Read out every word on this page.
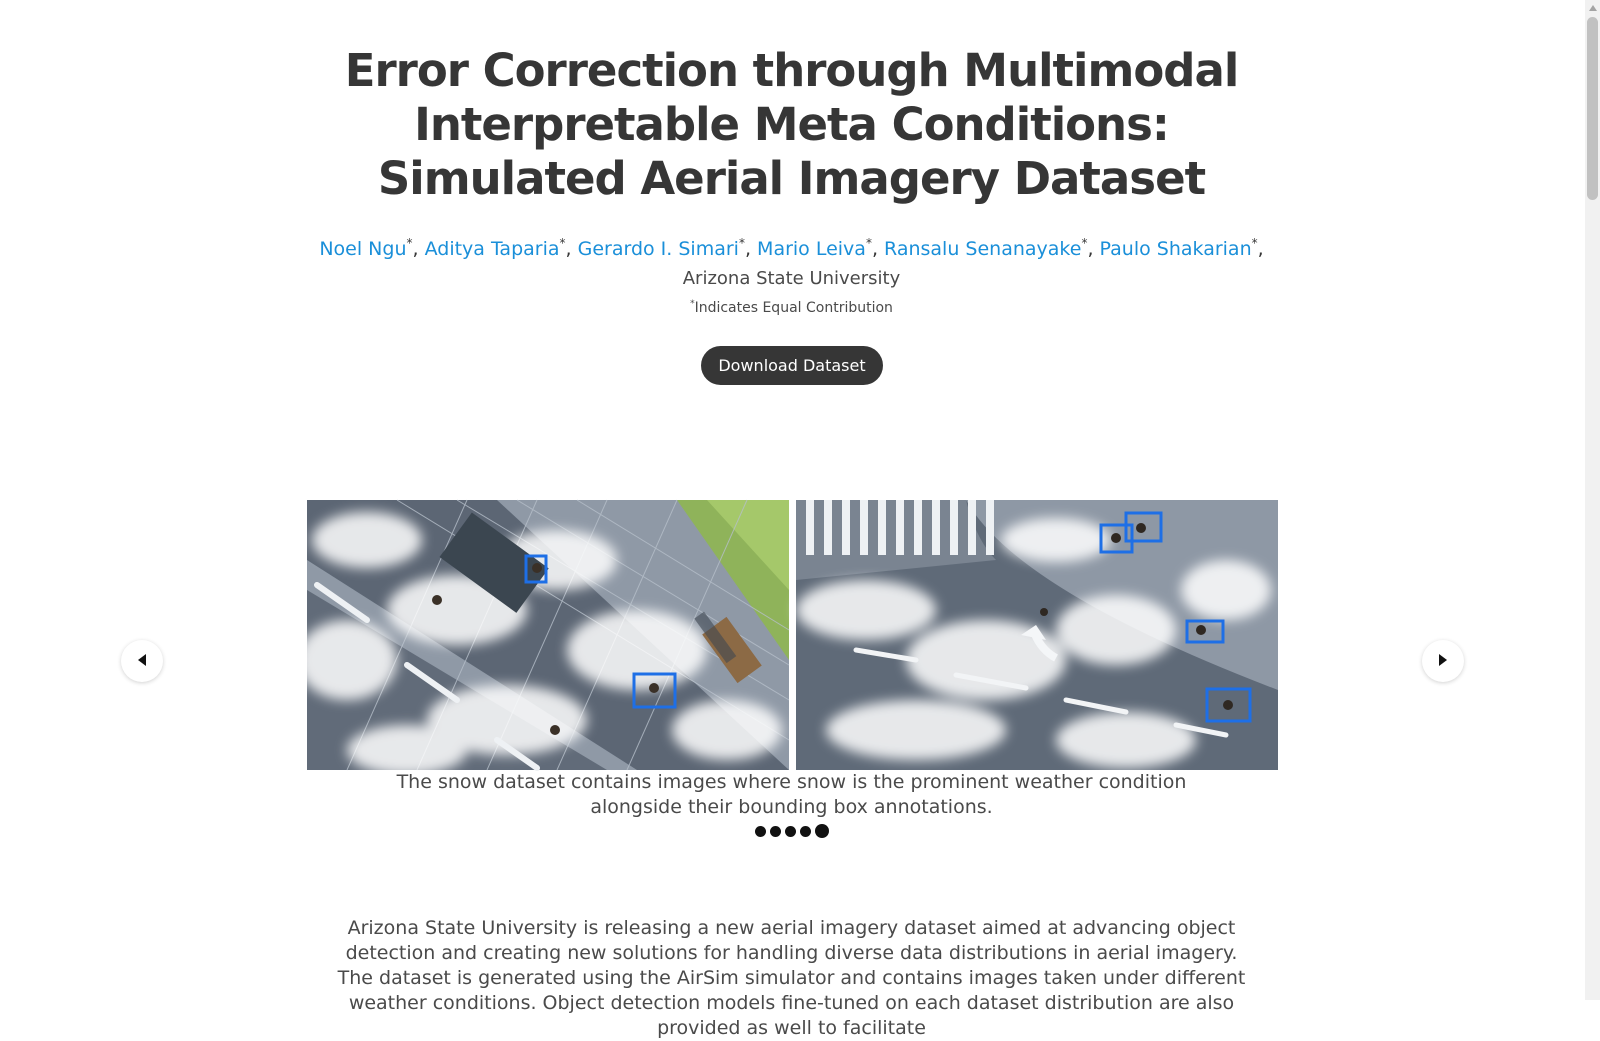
Error Correction through Multimodal Interpretable Meta Conditions: Simulated Aerial Imagery Dataset
Noel Ngu*, Aditya Taparia*, Gerardo I. Simari*, Mario Leiva*, Ransalu Senanayake*, Paulo Shakarian*,
Arizona State University
*Indicates Equal Contribution
Download Dataset

The snow dataset contains images where snow is the prominent weather condition alongside their bounding box annotations.

Arizona State University is releasing a new aerial imagery dataset aimed at advancing object detection and creating new solutions for handling diverse data distributions in aerial imagery. The dataset is generated using the AirSim simulator and contains images taken under different weather conditions. Object detection models fine-tuned on each dataset distribution are also provided as well to facilitate
